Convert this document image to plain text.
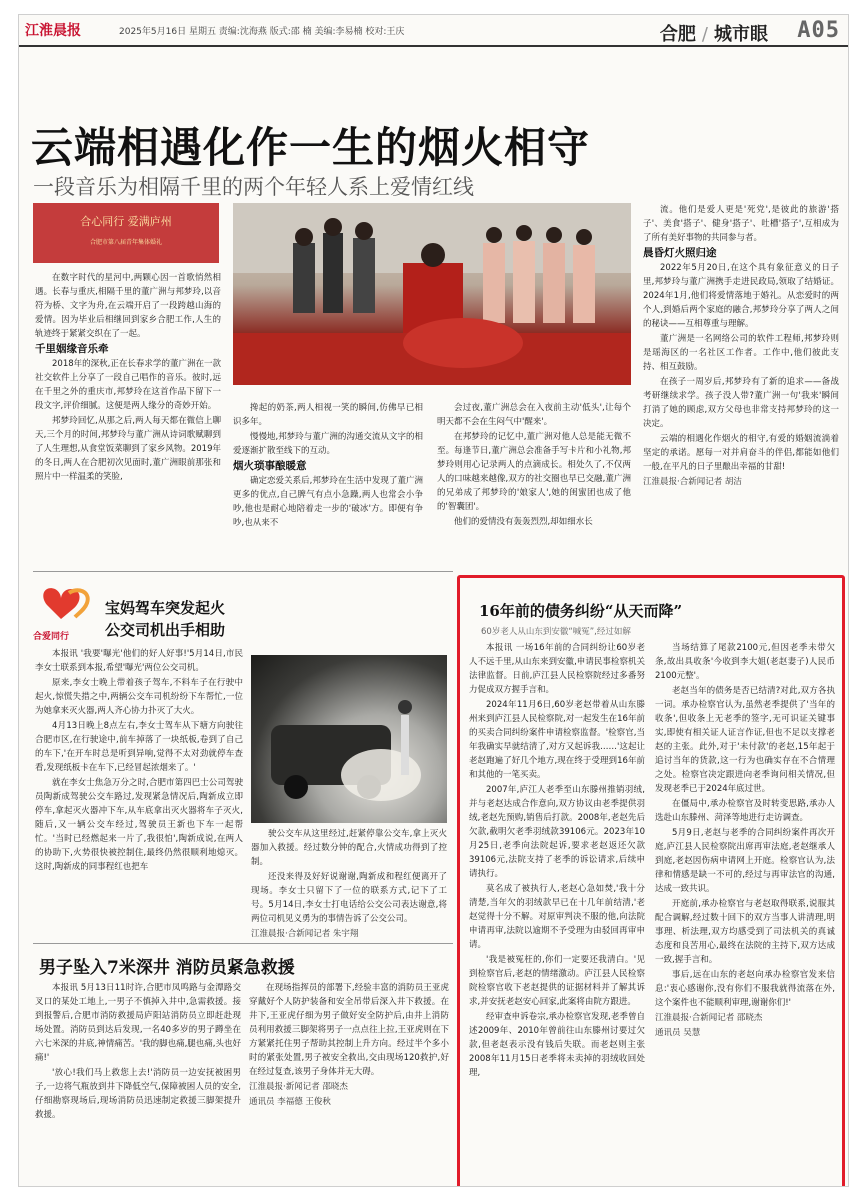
江淮晨报	2025年5月16日 星期五 责编:沈海燕 版式:邵 楠 美编:李易楠 校对:王庆	合肥 / 城市眼 A05
云端相遇化作一生的烟火相守
一段音乐为相隔千里的两个年轻人系上爱情红线
合心同行 爱满庐州
合肥市第八届青年集体婚礼

在数字时代的星河中,两颗心因一首歌悄然相遇。长春与重庆,相隔千里的董广洲与邦梦玲,以音符为桥、文字为舟,在云端开启了一段跨越山海的爱情。因为毕业后相继回到家乡合肥工作,人生的轨迹终于紧紧交织在了一起。

千里姻缘音乐牵

2018年的深秋,正在长春求学的董广洲在一款社交软件上分享了一段自己唱作的音乐。彼时,远在千里之外的重庆市,邦梦玲在这首作品下留下一段文字,评价细腻。这便是两人缘分的奇妙开始。

邦梦玲回忆,从那之后,两人每天都在微信上聊天,三个月的时间,邦梦玲与董广洲从诗词歌赋聊到了人生理想,从食堂饭菜聊到了家乡风物。2019年的冬日,两人在合肥初次见面时,董广洲眼前那张和照片中一样温柔的笑脸,

搀起的奶茶,两人相视一笑的瞬间,仿佛早已相识多年。

慢慢地,邦梦玲与董广洲的沟通交流从文字的相爱逐渐扩散至线下的互动。

烟火琐事酿暖意

确定恋爱关系后,邦梦玲在生活中发现了董广洲更多的优点,自己脾气有点小急躁,两人也常会小争吵,他也是耐心地陪着走一步的'破冰'方。即便有争吵,也从来不

会过夜,董广洲总会在入夜前主动'低头',让每个明天都不会在生闷气中'醒来'。

在邦梦玲的记忆中,董广洲对他人总是能无微不至。每逢节日,董广洲总会准备手写卡片和小礼物,邦梦玲则用心记录两人的点滴成长。相处久了,不仅两人的口味越来越像,双方的社交圈也早已交融,董广洲的兄弟成了邦梦玲的'娘家人',她的闺蜜团也成了他的'智囊团'。

他们的爱情没有轰轰烈烈,却如细水长

流。他们是爱人更是'死党',是彼此的旅游'搭子'、美食'搭子'、健身'搭子'、吐槽'搭子',互相成为了所有美好事物的共同参与者。

晨昏灯火照归途

2022年5月20日,在这个具有象征意义的日子里,邦梦玲与董广洲携手走进民政局,领取了结婚证。2024年1月,他们将爱情落地于婚礼。从恋爱时的两个人,到婚后两个家庭的融合,邦梦玲分享了两人之间的秘诀——互相尊重与理解。

董广洲是一名网络公司的软件工程师,邦梦玲则是瑶海区的一名社区工作者。工作中,他们彼此支持、相互鼓励。

在孩子一周岁后,邦梦玲有了新的追求——备战考研继续求学。孩子没人带?董广洲一句'我来'瞬间打消了她的顾虑,双方父母也非常支持邦梦玲的这一决定。

云端的相遇化作烟火的相守,有爱的婚姻流淌着坚定的承诺。愿每一对并肩奋斗的伴侣,都能如他们一般,在平凡的日子里酿出幸福的甘甜!

江淮晨报·合新闻记者 胡洁

合爱同行
宝妈驾车突发起火
公交司机出手相助

本报讯 '我要'曝光'他们的好人好事!'5月14日,市民李女士联系到本报,希望'曝光'两位公交司机。

原来,李女士晚上带着孩子驾车,不料车子在行驶中起火,惊慌失措之中,两辆公交车司机纷纷下车帮忙,一位为她拿来灭火器,两人齐心协力扑灭了大火。

4月13日晚上8点左右,李女士驾车从下塘方向驶往合肥市区,在行驶途中,前车掉落了一块纸板,卷到了自己的车下,'在开车时总是听到异响,觉得不太对劲就停车查看,发现纸板卡在车下,已经冒起浓烟来了。'

就在李女士焦急万分之时,合肥市第四巴士公司驾驶员陶新成驾驶公交车路过,发现紧急情况后,陶新成立即停车,拿起灭火器冲下车,从车底拿出灭火器将车子灭火,随后,又一辆公交车经过,驾驶员王新也下车一起帮忙。'当时已经燃起来一片了,我很怕',陶新成说,在两人的协助下,火势很快被控制住,最终仍然很顺利地熄灭。这时,陶新成的同事程红也把车

驶公交车从这里经过,赶紧停靠公交车,拿上灭火器加入救援。经过数分钟的配合,火情成功得到了控制。

还没来得及好好说谢谢,陶新成和程红便离开了现场。李女士只留下了一位的联系方式,记下了工号。5月14日,李女士打电话给公交公司表达谢意,将两位司机见义勇为的事情告诉了公交公司。

江淮晨报·合新闻记者 朱宇翔

男子坠入7米深井 消防员紧急救援

本报讯 5月13日11时许,合肥市凤鸣路与金潭路交叉口的某处工地上,一男子不慎掉入井中,急需救援。接到报警后,合肥市消防救援局庐阳站消防员立即赶赴现场处置。消防员到达后发现,一名40多岁的男子蹲坐在六七米深的井底,神情痛苦。'我的脚也痛,腿也痛,头也好痛!'

'放心!我们马上救您上去!'消防员一边安抚被困男子,一边将气瓶放到井下降低空气,保障被困人员的安全,仔细勘察现场后,现场消防员迅速制定救援三脚架提升救援。

在现场指挥员的部署下,经验丰富的消防员王亚虎穿戴好个人防护装备和安全吊带后深入井下救援。在井下,王亚虎仔细为男子做好安全防护后,由井上消防员利用救援三脚架将男子一点点往上拉,王亚虎则在下方紧紧托住男子帮助其控制上升方向。经过半个多小时的紧张处置,男子被安全救出,交由现场120救护,好在经过复查,该男子身体并无大碍。

江淮晨报·新闻记者 邵晓杰

通讯员 李福德 王俊秋

16年前的债务纠纷“从天而降”
60岁老人从山东到安徽“喊冤”,经过如解

本报讯 一场16年前的合同纠纷让60岁老人不远千里,从山东来到安徽,申请民事检察机关法律监督。日前,庐江县人民检察院经过多番努力促成双方握手言和。

2024年11月6日,60岁老赵带着从山东滕州来到庐江县人民检察院,对一起发生在16年前的买卖合同纠纷案件申请检察监督。'检察官,当年我确实早就结清了,对方又起诉我……'这起让老赵跑遍了好几个地方,现在终于受理到16年前和其他的一笔买卖。

2007年,庐江人老季至山东滕州推销羽绒,并与老赵达成合作意向,双方协议由老季提供羽绒,老赵先预购,销售后打款。2008年,老赵先后欠款,截明欠老季羽绒款39106元。2023年10月25日,老季向法院起诉,要求老赵返还欠款39106元,法院支持了老季的诉讼请求,后续申请执行。

莫名成了被执行人,老赵心急如焚,'我十分清楚,当年欠的羽绒款早已在十几年前结清,'老赵觉得十分不解。对原审判决不服的他,向法院申请再审,法院以逾期不予受理为由驳回再审申请。

'我是被冤枉的,你们一定要还我清白。'见到检察官后,老赵的情绪激动。庐江县人民检察院检察官收下老赵提供的证据材料并了解其诉求,并安抚老赵安心回家,此案将由院方跟进。

经审查申诉卷宗,承办检察官发现,老季曾自述2009年、2010年曾前往山东滕州讨要过欠款,但老赵表示没有钱后失联。而老赵则主张2008年11月15日老季将未卖掉的羽绒收回处理,

当场结算了尾款2100元,但因老季未带欠条,故出具收条'今收到李大姐(老赵妻子)人民币2100元整'。

老赵当年的债务是否已结清?对此,双方各执一词。承办检察官认为,虽然老季提供了'当年的收条',但收条上无老季的签字,无可识证关键事实,即使有相关证人证言作证,但也不足以支撑老赵的主张。此外,对于'未付款'的老赵,15年起于追讨当年的货款,这一行为也确实存在不合情理之处。检察官决定跟进向老季询问相关情况,但发现老季已于2024年底过世。

在僵局中,承办检察官及时转变思路,承办人选赴山东滕州、菏泽等地进行走访调查。

5月9日,老赵与老季的合同纠纷案件再次开庭,庐江县人民检察院出席再审法庭,老赵继承人到庭,老赵因伤病申请网上开庭。检察官认为,法律和情感是缺一不可的,经过与再审法官的沟通,达成一致共识。

开庭前,承办检察官与老赵取得联系,说服其配合调解,经过数十回下的双方当事人讲清理,明事理、析法理,双方均感受到了司法机关的真诚态度和良苦用心,最终在法院的主持下,双方达成一致,握手言和。

事后,远在山东的老赵向承办检察官发来信息:'衷心感谢你,没有你们不服我就得流落在外,这个案件也不能顺利审理,谢谢你们!'

江淮晨报·合新闻记者 邵晓杰

通讯员 吴慧
